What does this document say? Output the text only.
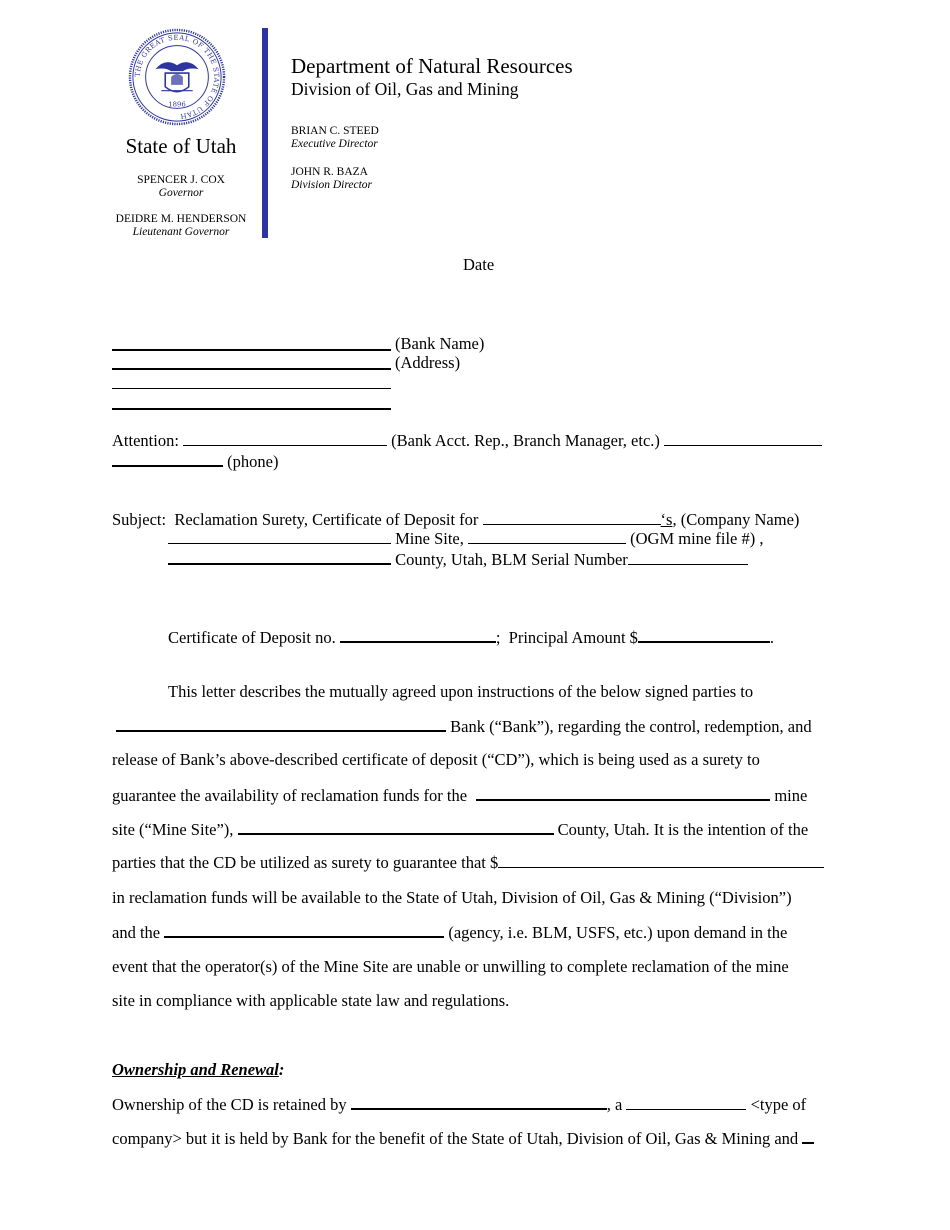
THE GREAT SEAL OF THE STATE OF UTAH
1896
State of Utah
SPENCER J. COX
Governor
DEIDRE M. HENDERSON
Lieutenant Governor
Department of Natural Resources
Division of Oil, Gas and Mining
BRIAN C. STEED
Executive Director
JOHN R. BAZA
Division Director
Date
(Bank Name)
(Address)
Attention:	(Bank Acct. Rep., Branch Manager, etc.)
(phone)
Subject: Reclamation Surety, Certificate of Deposit for	‘s, (Company Name)
Mine Site,	(OGM mine file #) ,
County, Utah, BLM Serial Number
Certificate of Deposit no.	; Principal Amount $	.
This letter describes the mutually agreed upon instructions of the below signed parties to
Bank (“Bank”), regarding the control, redemption, and
release of Bank’s above-described certificate of deposit (“CD”), which is being used as a surety to
guarantee the availability of reclamation funds for the	mine
site (“Mine Site”),	County, Utah. It is the intention of the
parties that the CD be utilized as surety to guarantee that $
in reclamation funds will be available to the State of Utah, Division of Oil, Gas & Mining (“Division”)
and the	(agency, i.e. BLM, USFS, etc.) upon demand in the
event that the operator(s) of the Mine Site are unable or unwilling to complete reclamation of the mine
site in compliance with applicable state law and regulations.
Ownership and Renewal:
Ownership of the CD is retained by	, a	<type of
company> but it is held by Bank for the benefit of the State of Utah, Division of Oil, Gas & Mining and
